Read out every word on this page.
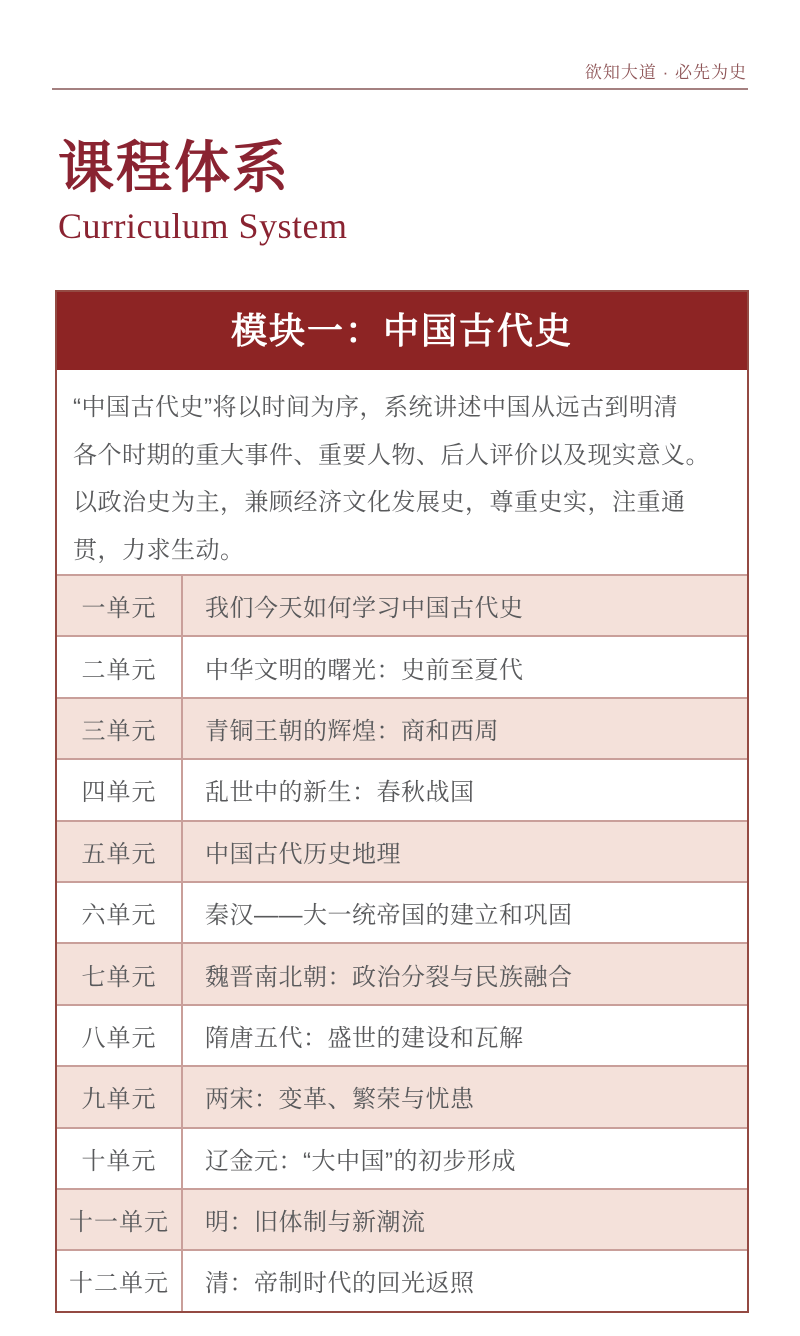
欲知大道 · 必先为史
课程体系
Curriculum System
模块一：中国古代史
“中国古代史”将以时间为序，系统讲述中国从远古到明清
各个时期的重大事件、重要人物、后人评价以及现实意义。
以政治史为主，兼顾经济文化发展史，尊重史实，注重通
贯，力求生动。
一单元	我们今天如何学习中国古代史
二单元	中华文明的曙光：史前至夏代
三单元	青铜王朝的辉煌：商和西周
四单元	乱世中的新生：春秋战国
五单元	中国古代历史地理
六单元	秦汉——大一统帝国的建立和巩固
七单元	魏晋南北朝：政治分裂与民族融合
八单元	隋唐五代：盛世的建设和瓦解
九单元	两宋：变革、繁荣与忧患
十单元	辽金元：“大中国”的初步形成
十一单元	明：旧体制与新潮流
十二单元	清：帝制时代的回光返照
